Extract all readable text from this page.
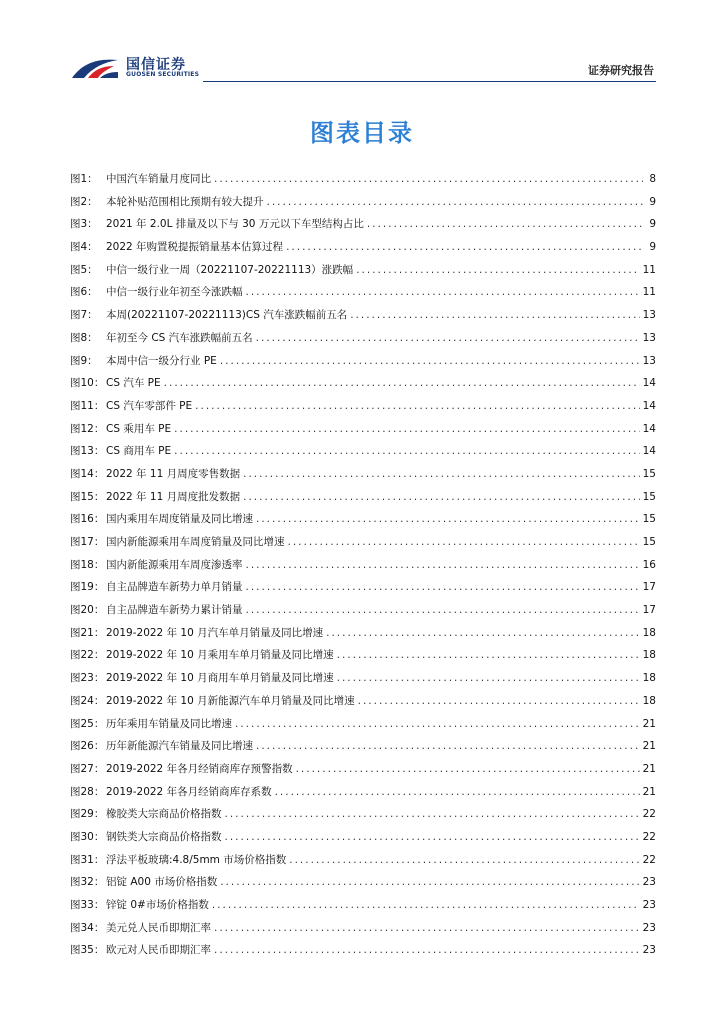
国信证券
GUOSEN SECURITIES	证券研究报告
图表目录
图1： 中国汽车销量月度同比 .....	8
图2： 本轮补贴范围相比预期有较大提升 .....	9
图3： 2021 年 2.0L 排量及以下与 30 万元以下车型结构占比 .....	9
图4： 2022 年购置税提振销量基本估算过程 .....	9
图5： 中信一级行业一周（20221107-20221113）涨跌幅 .....	11
图6： 中信一级行业年初至今涨跌幅 .....	11
图7： 本周(20221107-20221113)CS 汽车涨跌幅前五名 .....	13
图8： 年初至今 CS 汽车涨跌幅前五名 .....	13
图9： 本周中信一级分行业 PE .....	13
图10： CS 汽车 PE .....	14
图11： CS 汽车零部件 PE .....	14
图12： CS 乘用车 PE .....	14
图13： CS 商用车 PE .....	14
图14： 2022 年 11 月周度零售数据 .....	15
图15： 2022 年 11 月周度批发数据 .....	15
图16： 国内乘用车周度销量及同比增速 .....	15
图17： 国内新能源乘用车周度销量及同比增速 .....	15
图18： 国内新能源乘用车周度渗透率 .....	16
图19： 自主品牌造车新势力单月销量 .....	17
图20： 自主品牌造车新势力累计销量 .....	17
图21： 2019-2022 年 10 月汽车单月销量及同比增速 .....	18
图22： 2019-2022 年 10 月乘用车单月销量及同比增速 .....	18
图23： 2019-2022 年 10 月商用车单月销量及同比增速 .....	18
图24： 2019-2022 年 10 月新能源汽车单月销量及同比增速 .....	18
图25： 历年乘用车销量及同比增速 .....	21
图26： 历年新能源汽车销量及同比增速 .....	21
图27： 2019-2022 年各月经销商库存预警指数 .....	21
图28： 2019-2022 年各月经销商库存系数 .....	21
图29： 橡胶类大宗商品价格指数 .....	22
图30： 钢铁类大宗商品价格指数 .....	22
图31： 浮法平板玻璃:4.8/5mm 市场价格指数 .....	22
图32： 铝锭 A00 市场价格指数 .....	23
图33： 锌锭 0#市场价格指数 .....	23
图34： 美元兑人民币即期汇率 .....	23
图35： 欧元对人民币即期汇率 .....	23
